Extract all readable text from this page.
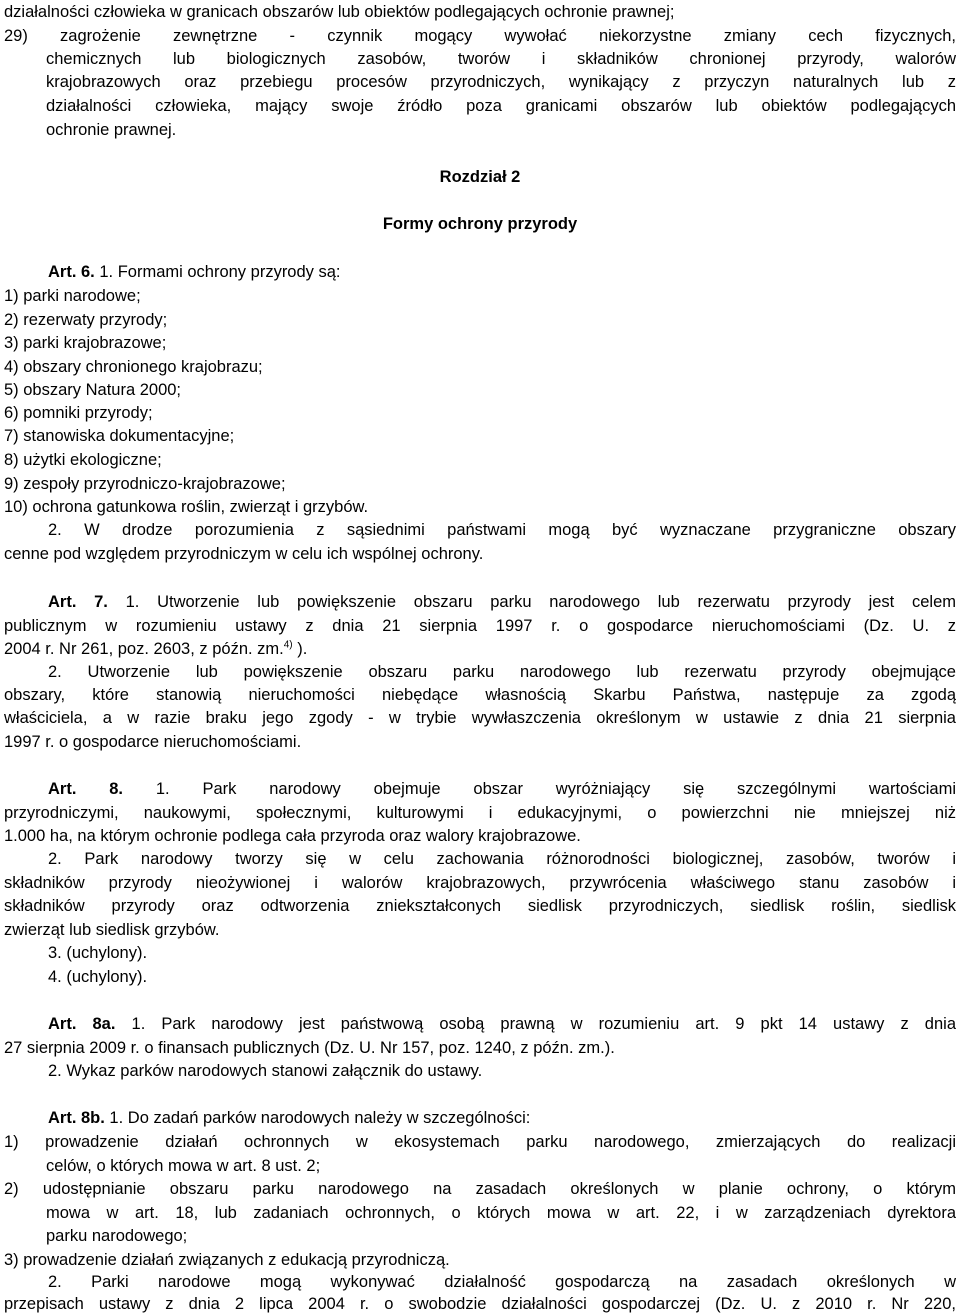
działalności człowieka w granicach obszarów lub obiektów podlegających ochronie prawnej;
29) zagrożenie zewnętrzne - czynnik mogący wywołać niekorzystne zmiany cech fizycznych,
chemicznych lub biologicznych zasobów, tworów i składników chronionej przyrody, walorów
krajobrazowych oraz przebiegu procesów przyrodniczych, wynikający z przyczyn naturalnych lub z
działalności człowieka, mający swoje źródło poza granicami obszarów lub obiektów podlegających
ochronie prawnej.
Rozdział 2
Formy ochrony przyrody
Art. 6. 1. Formami ochrony przyrody są:
1) parki narodowe;
2) rezerwaty przyrody;
3) parki krajobrazowe;
4) obszary chronionego krajobrazu;
5) obszary Natura 2000;
6) pomniki przyrody;
7) stanowiska dokumentacyjne;
8) użytki ekologiczne;
9) zespoły przyrodniczo-krajobrazowe;
10) ochrona gatunkowa roślin, zwierząt i grzybów.
2. W drodze porozumienia z sąsiednimi państwami mogą być wyznaczane przygraniczne obszary
cenne pod względem przyrodniczym w celu ich wspólnej ochrony.
Art. 7. 1. Utworzenie lub powiększenie obszaru parku narodowego lub rezerwatu przyrody jest celem
publicznym w rozumieniu ustawy z dnia 21 sierpnia 1997 r. o gospodarce nieruchomościami (Dz. U. z
2004 r. Nr 261, poz. 2603, z późn. zm.$^{4)}$ ).
2. Utworzenie lub powiększenie obszaru parku narodowego lub rezerwatu przyrody obejmujące
obszary, które stanowią nieruchomości niebędące własnością Skarbu Państwa, następuje za zgodą
właściciela, a w razie braku jego zgody - w trybie wywłaszczenia określonym w ustawie z dnia 21 sierpnia
1997 r. o gospodarce nieruchomościami.
Art. 8. 1. Park narodowy obejmuje obszar wyróżniający się szczególnymi wartościami
przyrodniczymi, naukowymi, społecznymi, kulturowymi i edukacyjnymi, o powierzchni nie mniejszej niż
1.000 ha, na którym ochronie podlega cała przyroda oraz walory krajobrazowe.
2. Park narodowy tworzy się w celu zachowania różnorodności biologicznej, zasobów, tworów i
składników przyrody nieożywionej i walorów krajobrazowych, przywrócenia właściwego stanu zasobów i
składników przyrody oraz odtworzenia zniekształconych siedlisk przyrodniczych, siedlisk roślin, siedlisk
zwierząt lub siedlisk grzybów.
3. (uchylony).
4. (uchylony).
Art. 8a. 1. Park narodowy jest państwową osobą prawną w rozumieniu art. 9 pkt 14 ustawy z dnia
27 sierpnia 2009 r. o finansach publicznych (Dz. U. Nr 157, poz. 1240, z późn. zm.).
2. Wykaz parków narodowych stanowi załącznik do ustawy.
Art. 8b. 1. Do zadań parków narodowych należy w szczególności:
1) prowadzenie działań ochronnych w ekosystemach parku narodowego, zmierzających do realizacji
celów, o których mowa w art. 8 ust. 2;
2) udostępnianie obszaru parku narodowego na zasadach określonych w planie ochrony, o którym
mowa w art. 18, lub zadaniach ochronnych, o których mowa w art. 22, i w zarządzeniach dyrektora
parku narodowego;
3) prowadzenie działań związanych z edukacją przyrodniczą.
2. Parki narodowe mogą wykonywać działalność gospodarczą na zasadach określonych w
przepisach ustawy z dnia 2 lipca 2004 r. o swobodzie działalności gospodarczej (Dz. U. z 2010 r. Nr 220,
